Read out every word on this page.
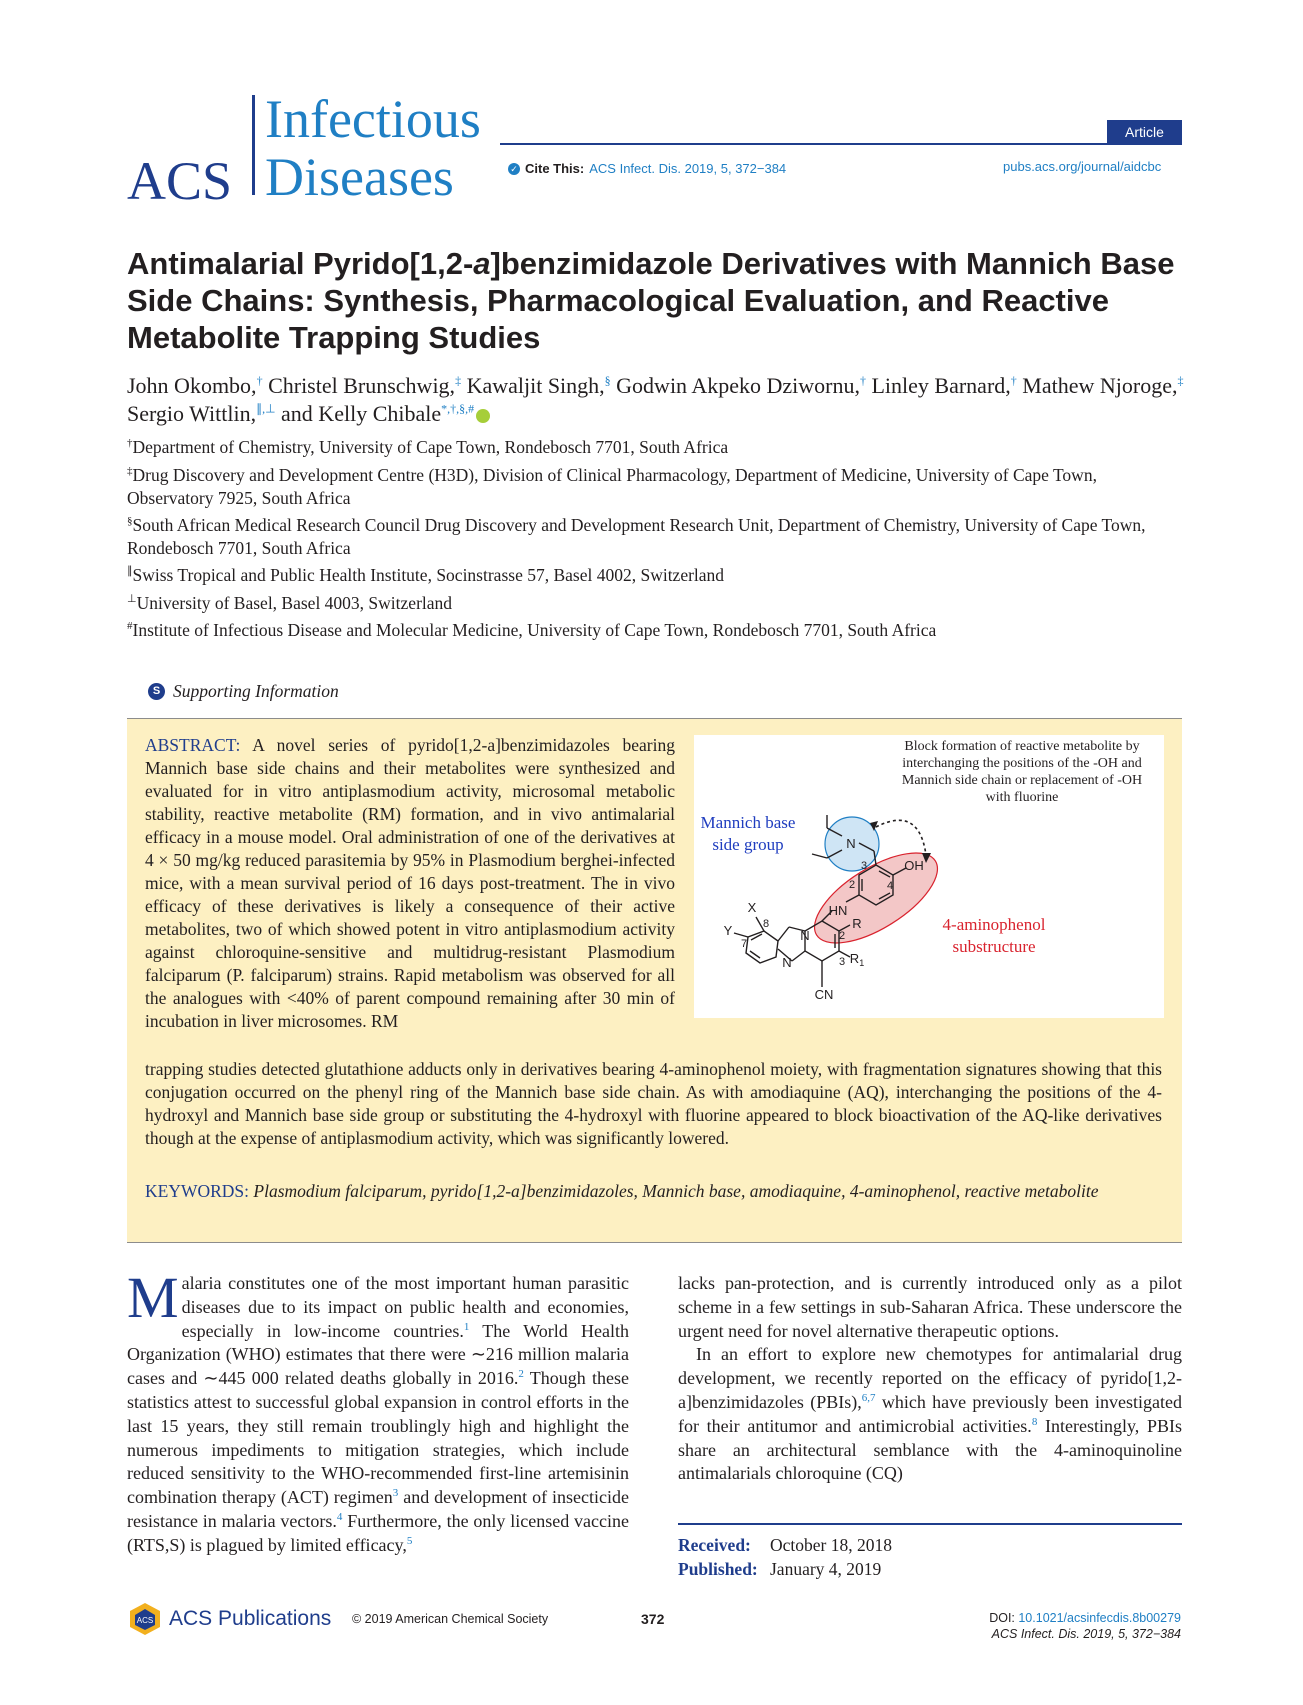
ACS
Infectious
Diseases
Article
✓ Cite This: ACS Infect. Dis. 2019, 5, 372−384	pubs.acs.org/journal/aidcbc
Antimalarial Pyrido[1,2-a]benzimidazole Derivatives with Mannich Base Side Chains: Synthesis, Pharmacological Evaluation, and Reactive Metabolite Trapping Studies
John Okombo,† Christel Brunschwig,‡ Kawaljit Singh,§ Godwin Akpeko Dziwornu,† Linley Barnard,† Mathew Njoroge,‡ Sergio Wittlin,∥,⊥ and Kelly Chibale*,†,§,#
†Department of Chemistry, University of Cape Town, Rondebosch 7701, South Africa
‡Drug Discovery and Development Centre (H3D), Division of Clinical Pharmacology, Department of Medicine, University of Cape Town, Observatory 7925, South Africa
§South African Medical Research Council Drug Discovery and Development Research Unit, Department of Chemistry, University of Cape Town, Rondebosch 7701, South Africa
∥Swiss Tropical and Public Health Institute, Socinstrasse 57, Basel 4002, Switzerland
⊥University of Basel, Basel 4003, Switzerland
#Institute of Infectious Disease and Molecular Medicine, University of Cape Town, Rondebosch 7701, South Africa
S Supporting Information
ABSTRACT: A novel series of pyrido[1,2-a]benzimidazoles bearing Mannich base side chains and their metabolites were synthesized and evaluated for in vitro antiplasmodium activity, microsomal metabolic stability, reactive metabolite (RM) formation, and in vivo antimalarial efficacy in a mouse model. Oral administration of one of the derivatives at 4 × 50 mg/kg reduced parasitemia by 95% in Plasmodium berghei-infected mice, with a mean survival period of 16 days post-treatment. The in vivo efficacy of these derivatives is likely a consequence of their active metabolites, two of which showed potent in vitro antiplasmodium activity against chloroquine-sensitive and multidrug-resistant Plasmodium falciparum (P. falciparum) strains. Rapid metabolism was observed for all the analogues with <40% of parent compound remaining after 30 min of incubation in liver microsomes. RM
trapping studies detected glutathione adducts only in derivatives bearing 4-aminophenol moiety, with fragmentation signatures showing that this conjugation occurred on the phenyl ring of the Mannich base side chain. As with amodiaquine (AQ), interchanging the positions of the 4-hydroxyl and Mannich base side group or substituting the 4-hydroxyl with fluorine appeared to block bioactivation of the AQ-like derivatives though at the expense of antiplasmodium activity, which was significantly lowered.
KEYWORDS: Plasmodium falciparum, pyrido[1,2-a]benzimidazoles, Mannich base, amodiaquine, 4-aminophenol, reactive metabolite
Block formation of reactive metabolite by
interchanging the positions of the -OH and
Mannich side chain or replacement of -OH
with fluorine
Mannich base
side group
4-aminophenol
substructure
N
OH
HN
R
$R_1$
X
Y
CN
N
N
2
3
4
8
7
2
3
Malaria constitutes one of the most important human parasitic diseases due to its impact on public health and economies, especially in low-income countries.$^1$ The World Health Organization (WHO) estimates that there were ∼216 million malaria cases and ∼445 000 related deaths globally in 2016.$^2$ Though these statistics attest to successful global expansion in control efforts in the last 15 years, they still remain troublingly high and highlight the numerous impediments to mitigation strategies, which include reduced sensitivity to the WHO-recommended first-line artemisinin combination therapy (ACT) regimen$^3$ and development of insecticide resistance in malaria vectors.$^4$ Furthermore, the only licensed vaccine (RTS,S) is plagued by limited efficacy,$^5$

lacks pan-protection, and is currently introduced only as a pilot scheme in a few settings in sub-Saharan Africa. These underscore the urgent need for novel alternative therapeutic options.

In an effort to explore new chemotypes for antimalarial drug development, we recently reported on the efficacy of pyrido[1,2-a]benzimidazoles (PBIs),$^{6,7}$ which have previously been investigated for their antitumor and antimicrobial activities.$^8$ Interestingly, PBIs share an architectural semblance with the 4-aminoquinoline antimalarials chloroquine (CQ)

Received: October 18, 2018
Published: January 4, 2019
ACS ACS Publications © 2019 American Chemical Society	372	DOI: 10.1021/acsinfecdis.8b00279
ACS Infect. Dis. 2019, 5, 372−384
